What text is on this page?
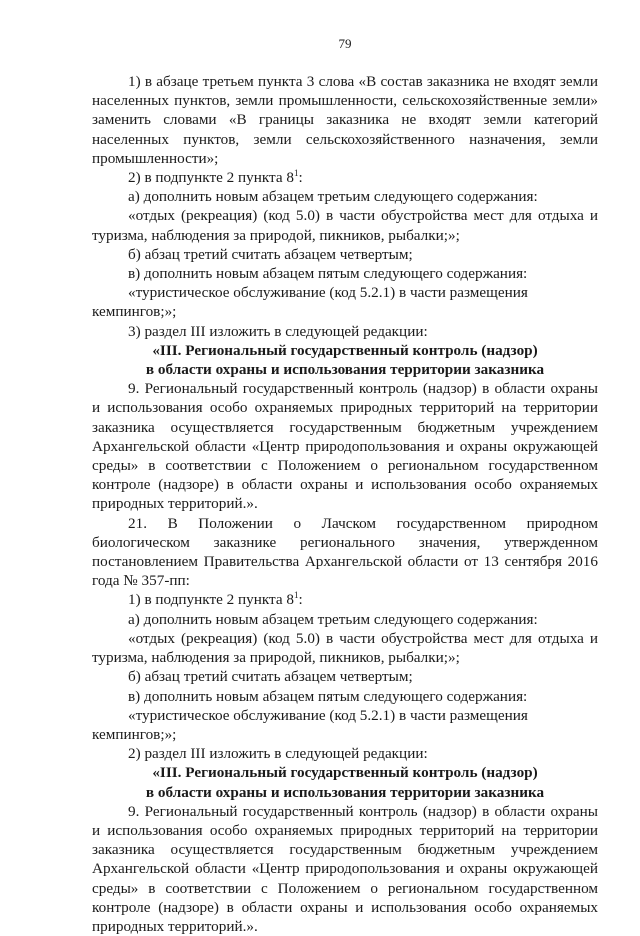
79

1) в абзаце третьем пункта 3 слова «В состав заказника не входят земли населенных пунктов, земли промышленности, сельскохозяйственные земли» заменить словами «В границы заказника не входят земли категорий населенных пунктов, земли сельскохозяйственного назначения, земли промышленности»;

2) в подпункте 2 пункта $8^1$:

а) дополнить новым абзацем третьим следующего содержания:

«отдых (рекреация) (код 5.0) в части обустройства мест для отдыха и туризма, наблюдения за природой, пикников, рыбалки;»;

б) абзац третий считать абзацем четвертым;

в) дополнить новым абзацем пятым следующего содержания:

«туристическое обслуживание (код 5.2.1) в части размещения кемпингов;»;

3) раздел III изложить в следующей редакции:

«III. Региональный государственный контроль (надзор)

в области охраны и использования территории заказника

9. Региональный государственный контроль (надзор) в области охраны и использования особо охраняемых природных территорий на территории заказника осуществляется государственным бюджетным учреждением Архангельской области «Центр природопользования и охраны окружающей среды» в соответствии с Положением о региональном государственном контроле (надзоре) в области охраны и использования особо охраняемых природных территорий.».

21. В Положении о Лачском государственном природном биологическом заказнике регионального значения, утвержденном постановлением Правительства Архангельской области от 13 сентября 2016 года № 357-пп:

1) в подпункте 2 пункта $8^1$:

а) дополнить новым абзацем третьим следующего содержания:

«отдых (рекреация) (код 5.0) в части обустройства мест для отдыха и туризма, наблюдения за природой, пикников, рыбалки;»;

б) абзац третий считать абзацем четвертым;

в) дополнить новым абзацем пятым следующего содержания:

«туристическое обслуживание (код 5.2.1) в части размещения кемпингов;»;

2) раздел III изложить в следующей редакции:

«III. Региональный государственный контроль (надзор)

в области охраны и использования территории заказника

9. Региональный государственный контроль (надзор) в области охраны и использования особо охраняемых природных территорий на территории заказника осуществляется государственным бюджетным учреждением Архангельской области «Центр природопользования и охраны окружающей среды» в соответствии с Положением о региональном государственном контроле (надзоре) в области охраны и использования особо охраняемых природных территорий.».
